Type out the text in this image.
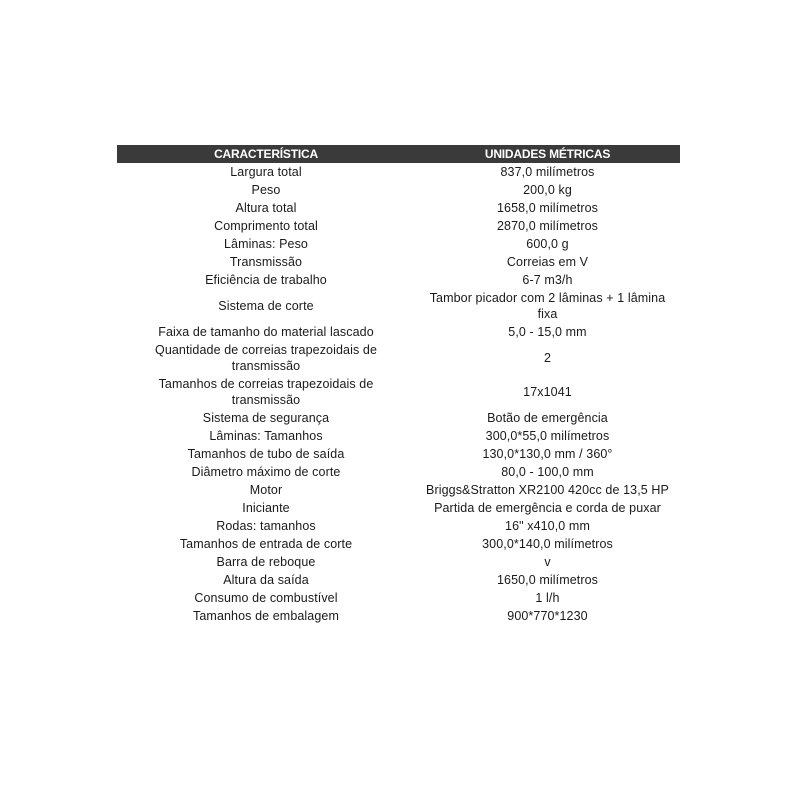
CARACTERÍSTICA	UNIDADES MÉTRICAS
Largura total	837,0 milímetros
Peso	200,0 kg
Altura total	1658,0 milímetros
Comprimento total	2870,0 milímetros
Lâminas: Peso	600,0 g
Transmissão	Correias em V
Eficiência de trabalho	6-7 m3/h
Sistema de corte	Tambor picador com 2 lâminas + 1 lâmina fixa
Faixa de tamanho do material lascado	5,0 - 15,0 mm
Quantidade de correias trapezoidais de transmissão	2
Tamanhos de correias trapezoidais de transmissão	17x1041
Sistema de segurança	Botão de emergência
Lâminas: Tamanhos	300,0*55,0 milímetros
Tamanhos de tubo de saída	130,0*130,0 mm / 360°
Diâmetro máximo de corte	80,0 - 100,0 mm
Motor	Briggs&Stratton XR2100 420cc de 13,5 HP
Iniciante	Partida de emergência e corda de puxar
Rodas: tamanhos	16" x410,0 mm
Tamanhos de entrada de corte	300,0*140,0 milímetros
Barra de reboque	v
Altura da saída	1650,0 milímetros
Consumo de combustível	1 l/h
Tamanhos de embalagem	900*770*1230
